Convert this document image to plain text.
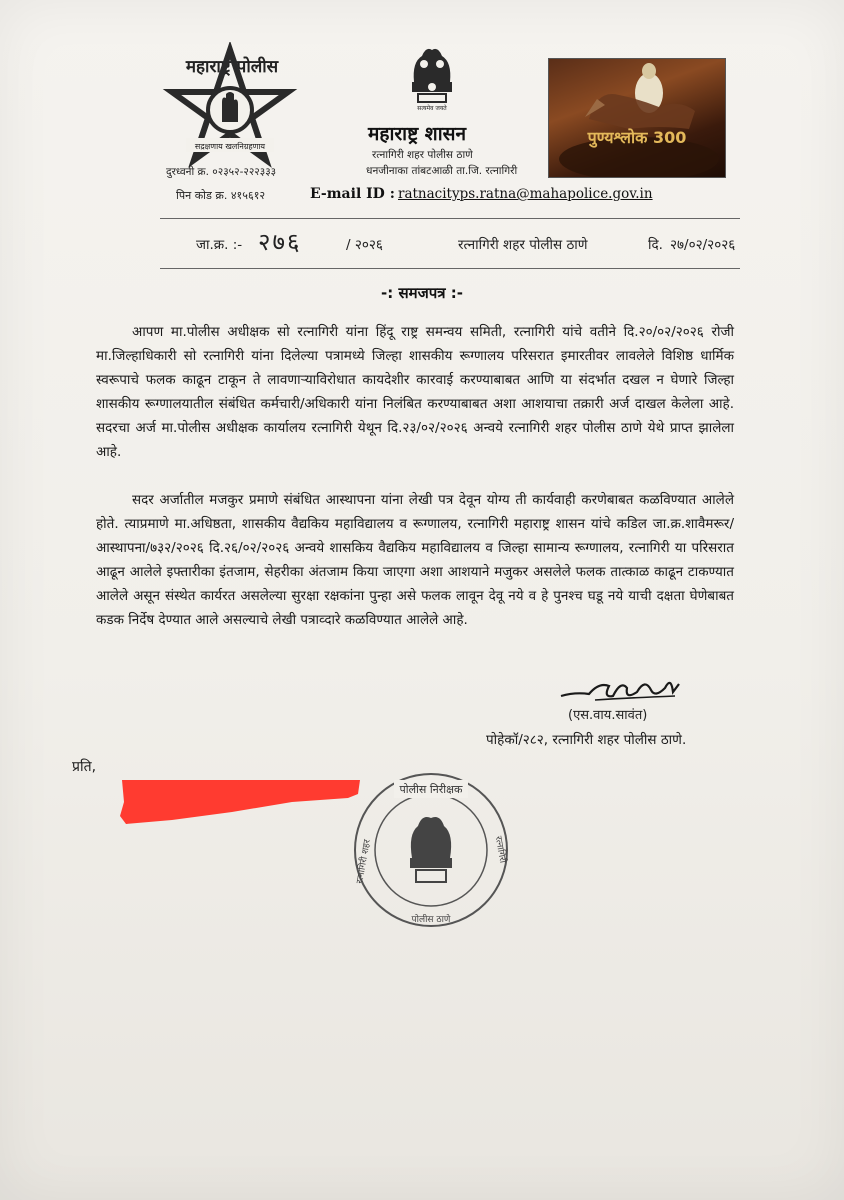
महाराष्ट्र पोलीस
सद्रक्षणाय खलनिग्रहणाय
सत्यमेव जयते
पुण्यश्लोक 300
महाराष्ट्र शासन
रत्नागिरी शहर पोलीस ठाणे
धनजीनाका तांबटआळी ता.जि. रत्नागिरी
दुरध्वनी क्र. ०२३५२-२२२३३३
पिन कोड क्र. ४१५६१२	E-mail ID : ratnacityps.ratna@mahapolice.gov.in
जा.क्र. :- २७६	/ २०२६	रत्नागिरी शहर पोलीस ठाणे	दि. २७/०२/२०२६
-: समजपत्र :-

आपण मा.पोलीस अधीक्षक सो रत्नागिरी यांना हिंदू राष्ट्र समन्वय समिती, रत्नागिरी यांचे वतीने दि.२०/०२/२०२६ रोजी मा.जिल्हाधिकारी सो रत्नागिरी यांना दिलेल्या पत्रामध्ये जिल्हा शासकीय रूग्णालय परिसरात इमारतीवर लावलेले विशिष्ठ धार्मिक स्वरूपाचे फलक काढून टाकून ते लावणाऱ्याविरोधात कायदेशीर कारवाई करण्याबाबत आणि या संदर्भात दखल न घेणारे जिल्हा शासकीय रूग्णालयातील संबंधित कर्मचारी/अधिकारी यांना निलंबित करण्याबाबत अशा आशयाचा तक्रारी अर्ज दाखल केलेला आहे. सदरचा अर्ज मा.पोलीस अधीक्षक कार्यालय रत्नागिरी येथून दि.२३/०२/२०२६ अन्वये रत्नागिरी शहर पोलीस ठाणे येथे प्राप्त झालेला आहे.

सदर अर्जातील मजकुर प्रमाणे संबंधित आस्थापना यांना लेखी पत्र देवून योग्य ती कार्यवाही करणेबाबत कळविण्यात आलेले होते. त्याप्रमाणे मा.अधिष्ठता, शासकीय वैद्यकिय महाविद्यालय व रूग्णालय, रत्नागिरी महाराष्ट्र शासन यांचे कडिल जा.क्र.शावैमरूर/आस्थापना/७३२/२०२६ दि.२६/०२/२०२६ अन्वये शासकिय वैद्यकिय महाविद्यालय व जिल्हा सामान्य रूग्णालय, रत्नागिरी या परिसरात आढून आलेले इफ्तारीका इंतजाम, सेहरीका अंतजाम किया जाएगा अशा आशयाने मजुकर असलेले फलक तात्काळ काढून टाकण्यात आलेले असून संस्थेत कार्यरत असलेल्या सुरक्षा रक्षकांना पुन्हा असे फलक लावून देवू नये व हे पुनश्च घडू नये याची दक्षता घेणेबाबत कडक निर्देष देण्यात आले असल्याचे लेखी पत्राव्दारे कळविण्यात आलेले आहे.

(एस.वाय.सावंत)
पोहेकॉ/२८२, रत्नागिरी शहर पोलीस ठाणे.
प्रति,
पोलीस निरीक्षक
रत्नागिरी शहर	रत्नागिरी
पोलीस ठाणे
